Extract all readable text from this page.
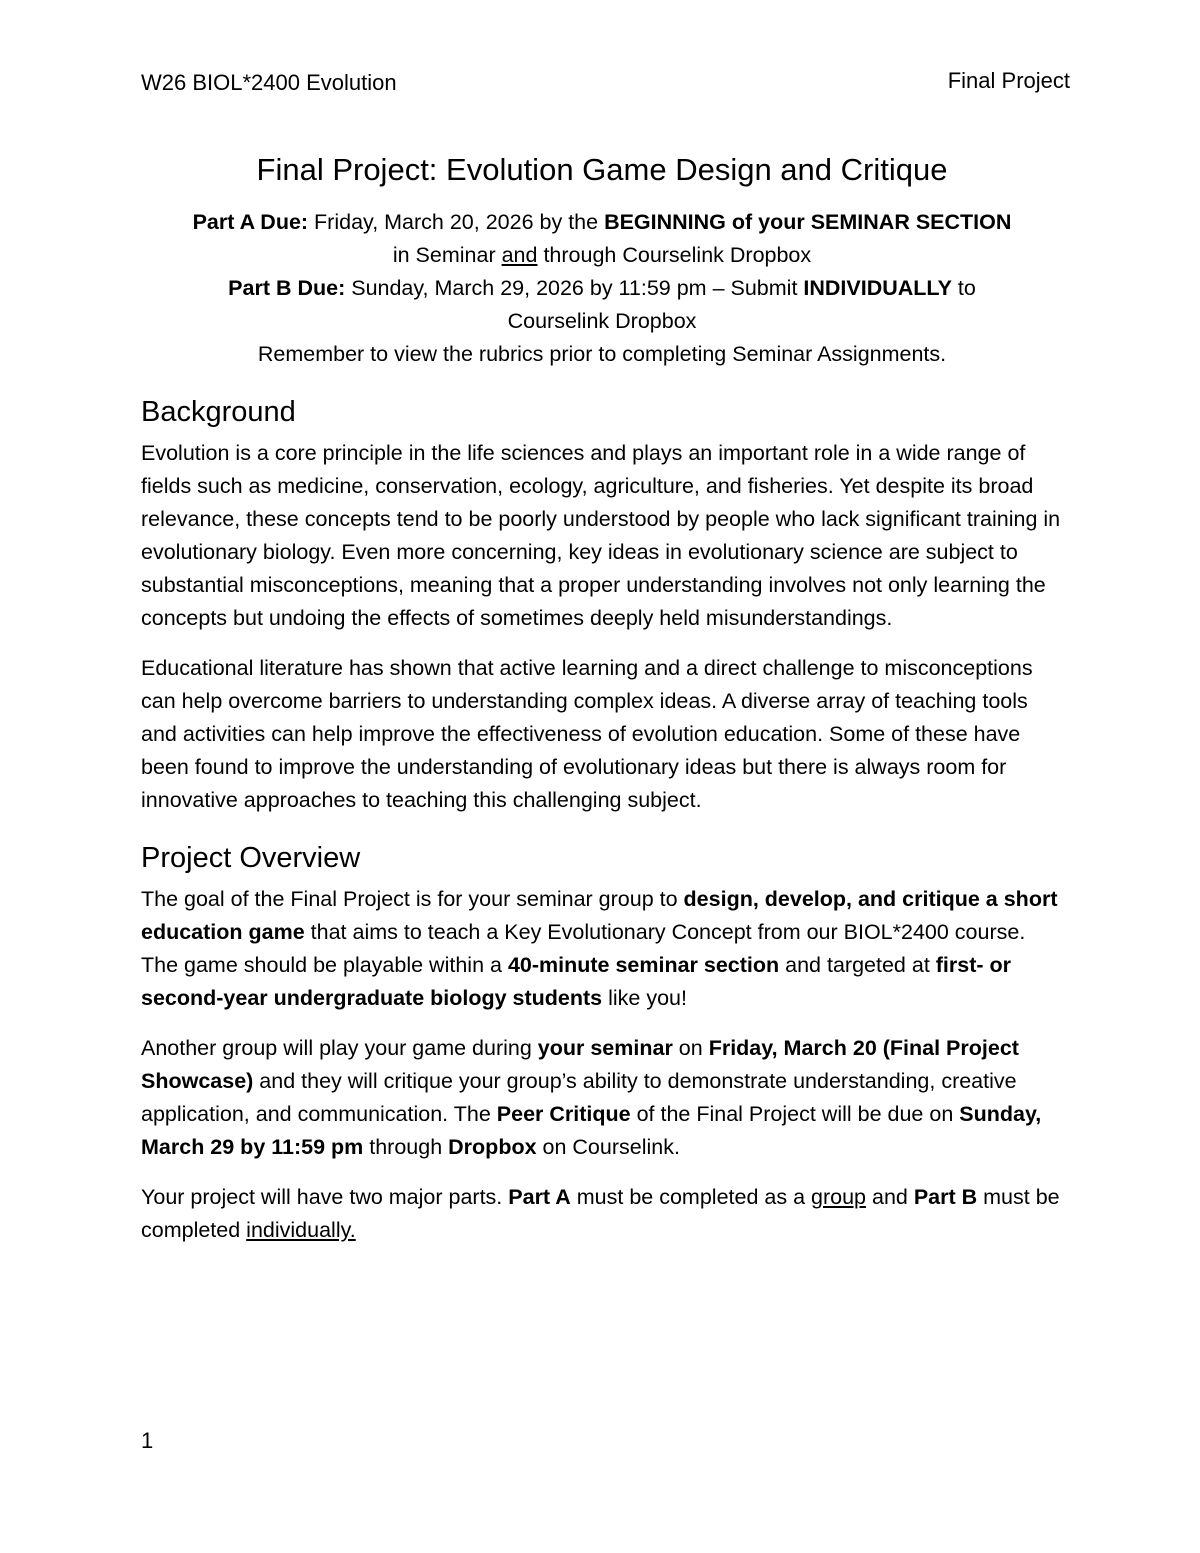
W26 BIOL*2400 Evolution	Final Project
Final Project: Evolution Game Design and Critique

Part A Due: Friday, March 20, 2026 by the BEGINNING of your SEMINAR SECTION

in Seminar and through Courselink Dropbox

Part B Due: Sunday, March 29, 2026 by 11:59 pm – Submit INDIVIDUALLY to

Courselink Dropbox

Remember to view the rubrics prior to completing Seminar Assignments.

Background

Evolution is a core principle in the life sciences and plays an important role in a wide range of fields such as medicine, conservation, ecology, agriculture, and fisheries. Yet despite its broad relevance, these concepts tend to be poorly understood by people who lack significant training in evolutionary biology. Even more concerning, key ideas in evolutionary science are subject to substantial misconceptions, meaning that a proper understanding involves not only learning the concepts but undoing the effects of sometimes deeply held misunderstandings.

Educational literature has shown that active learning and a direct challenge to misconceptions can help overcome barriers to understanding complex ideas. A diverse array of teaching tools and activities can help improve the effectiveness of evolution education. Some of these have been found to improve the understanding of evolutionary ideas but there is always room for innovative approaches to teaching this challenging subject.

Project Overview

The goal of the Final Project is for your seminar group to design, develop, and critique a short education game that aims to teach a Key Evolutionary Concept from our BIOL*2400 course. The game should be playable within a 40-minute seminar section and targeted at first- or second-year undergraduate biology students like you!

Another group will play your game during your seminar on Friday, March 20 (Final Project Showcase) and they will critique your group’s ability to demonstrate understanding, creative application, and communication. The Peer Critique of the Final Project will be due on Sunday, March 29 by 11:59 pm through Dropbox on Courselink.

Your project will have two major parts. Part A must be completed as a group and Part B must be completed individually.

1
